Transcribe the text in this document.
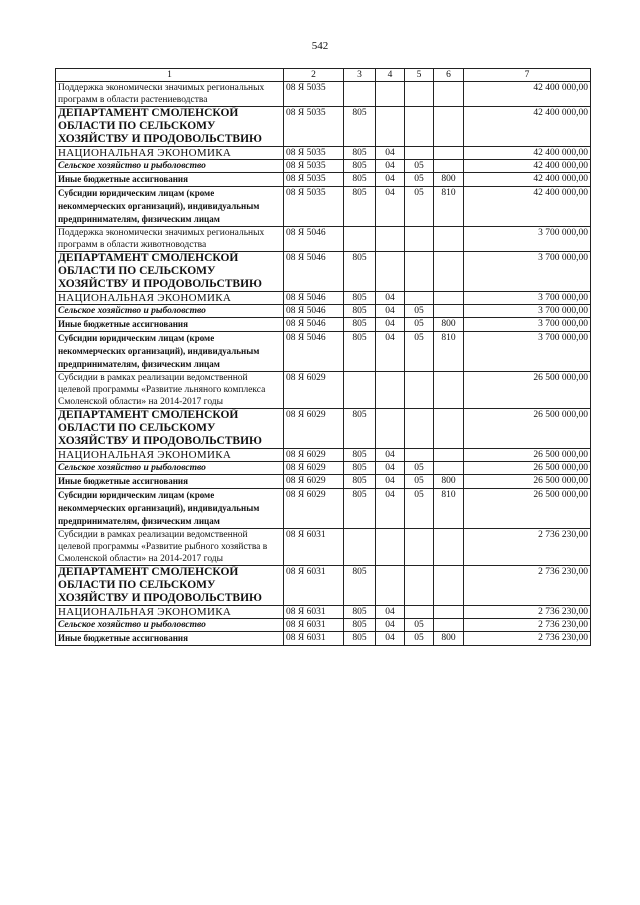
542
1	2	3	4	5	6	7
Поддержка экономически значимых региональных программ в области растениеводства	08 Я 5035					42 400 000,00
ДЕПАРТАМЕНТ СМОЛЕНСКОЙ ОБЛАСТИ ПО СЕЛЬСКОМУ ХОЗЯЙСТВУ И ПРОДОВОЛЬСТВИЮ	08 Я 5035	805				42 400 000,00
НАЦИОНАЛЬНАЯ ЭКОНОМИКА	08 Я 5035	805	04			42 400 000,00
Сельское хозяйство и рыболовство	08 Я 5035	805	04	05		42 400 000,00
Иные бюджетные ассигнования	08 Я 5035	805	04	05	800	42 400 000,00
Субсидии юридическим лицам (кроме некоммерческих организаций), индивидуальным предпринимателям, физическим лицам	08 Я 5035	805	04	05	810	42 400 000,00
Поддержка экономически значимых региональных программ в области животноводства	08 Я 5046					3 700 000,00
ДЕПАРТАМЕНТ СМОЛЕНСКОЙ ОБЛАСТИ ПО СЕЛЬСКОМУ ХОЗЯЙСТВУ И ПРОДОВОЛЬСТВИЮ	08 Я 5046	805				3 700 000,00
НАЦИОНАЛЬНАЯ ЭКОНОМИКА	08 Я 5046	805	04			3 700 000,00
Сельское хозяйство и рыболовство	08 Я 5046	805	04	05		3 700 000,00
Иные бюджетные ассигнования	08 Я 5046	805	04	05	800	3 700 000,00
Субсидии юридическим лицам (кроме некоммерческих организаций), индивидуальным предпринимателям, физическим лицам	08 Я 5046	805	04	05	810	3 700 000,00
Субсидии в рамках реализации ведомственной целевой программы «Развитие льняного комплекса Смоленской области» на 2014-2017 годы	08 Я 6029					26 500 000,00
ДЕПАРТАМЕНТ СМОЛЕНСКОЙ ОБЛАСТИ ПО СЕЛЬСКОМУ ХОЗЯЙСТВУ И ПРОДОВОЛЬСТВИЮ	08 Я 6029	805				26 500 000,00
НАЦИОНАЛЬНАЯ ЭКОНОМИКА	08 Я 6029	805	04			26 500 000,00
Сельское хозяйство и рыболовство	08 Я 6029	805	04	05		26 500 000,00
Иные бюджетные ассигнования	08 Я 6029	805	04	05	800	26 500 000,00
Субсидии юридическим лицам (кроме некоммерческих организаций), индивидуальным предпринимателям, физическим лицам	08 Я 6029	805	04	05	810	26 500 000,00
Субсидии в рамках реализации ведомственной целевой программы «Развитие рыбного хозяйства в Смоленской области» на 2014-2017 годы	08 Я 6031					2 736 230,00
ДЕПАРТАМЕНТ СМОЛЕНСКОЙ ОБЛАСТИ ПО СЕЛЬСКОМУ ХОЗЯЙСТВУ И ПРОДОВОЛЬСТВИЮ	08 Я 6031	805				2 736 230,00
НАЦИОНАЛЬНАЯ ЭКОНОМИКА	08 Я 6031	805	04			2 736 230,00
Сельское хозяйство и рыболовство	08 Я 6031	805	04	05		2 736 230,00
Иные бюджетные ассигнования	08 Я 6031	805	04	05	800	2 736 230,00
